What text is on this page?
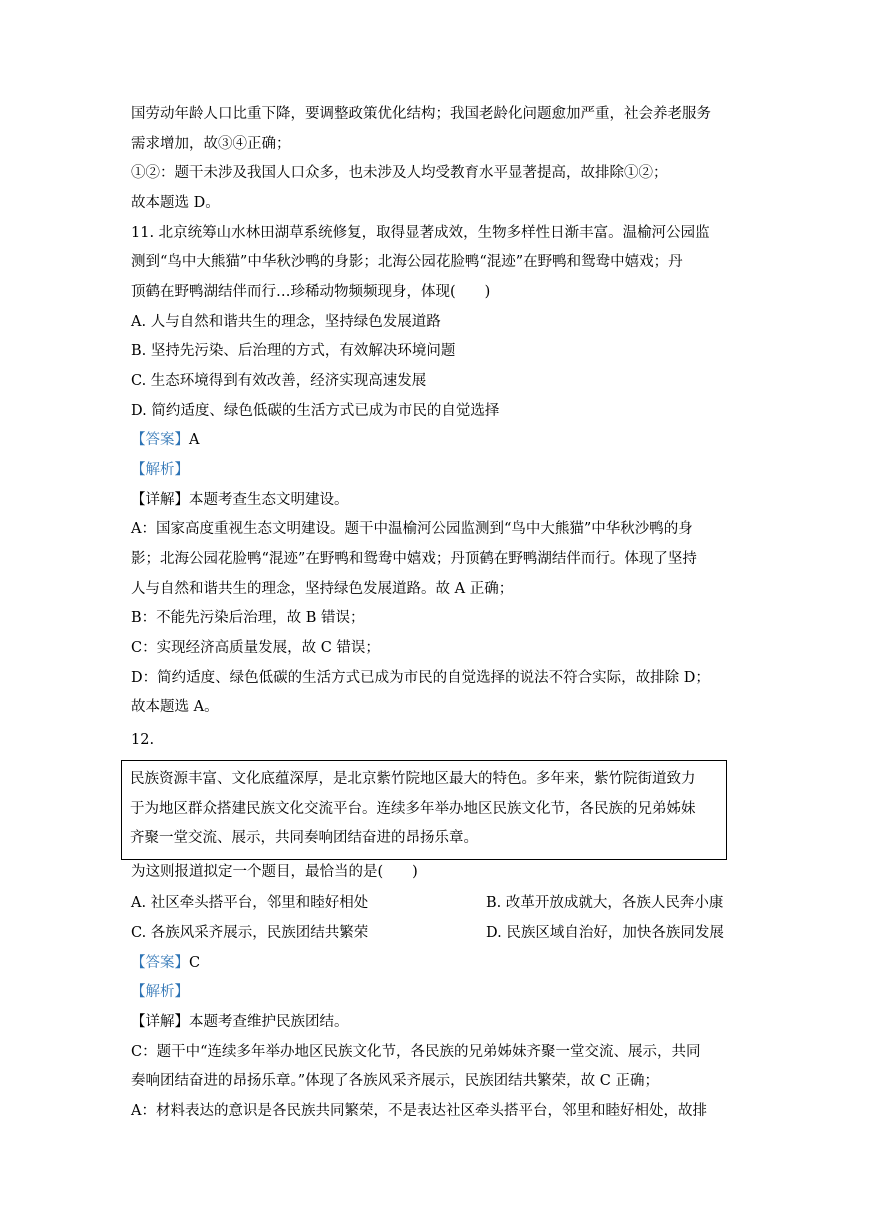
国劳动年龄人口比重下降，要调整政策优化结构；我国老龄化问题愈加严重，社会养老服务
需求增加，故③④正确；
①②：题干未涉及我国人口众多，也未涉及人均受教育水平显著提高，故排除①②；
故本题选 D。
11. 北京统筹山水林田湖草系统修复，取得显著成效，生物多样性日渐丰富。温榆河公园监
测到“鸟中大熊猫”中华秋沙鸭的身影；北海公园花脸鸭“混迹”在野鸭和鸳鸯中嬉戏；丹
顶鹤在野鸭湖结伴而行…珍稀动物频频现身，体现(　　)
A. 人与自然和谐共生的理念，坚持绿色发展道路
B. 坚持先污染、后治理的方式，有效解决环境问题
C. 生态环境得到有效改善，经济实现高速发展
D. 简约适度、绿色低碳的生活方式已成为市民的自觉选择
【答案】A
【解析】
【详解】本题考查生态文明建设。
A：国家高度重视生态文明建设。题干中温榆河公园监测到“鸟中大熊猫”中华秋沙鸭的身
影；北海公园花脸鸭“混迹”在野鸭和鸳鸯中嬉戏；丹顶鹤在野鸭湖结伴而行。体现了坚持
人与自然和谐共生的理念，坚持绿色发展道路。故 A 正确；
B：不能先污染后治理，故 B 错误；
C：实现经济高质量发展，故 C 错误；
D：简约适度、绿色低碳的生活方式已成为市民的自觉选择的说法不符合实际，故排除 D；
故本题选 A。
12.
民族资源丰富、文化底蕴深厚，是北京紫竹院地区最大的特色。多年来，紫竹院街道致力
于为地区群众搭建民族文化交流平台。连续多年举办地区民族文化节，各民族的兄弟姊妹
齐聚一堂交流、展示，共同奏响团结奋进的昂扬乐章。
为这则报道拟定一个题目，最恰当的是(　　)
A. 社区牵头搭平台，邻里和睦好相处	B. 改革开放成就大，各族人民奔小康
C. 各族风采齐展示，民族团结共繁荣	D. 民族区域自治好，加快各族同发展
【答案】C
【解析】
【详解】本题考查维护民族团结。
C：题干中“连续多年举办地区民族文化节，各民族的兄弟姊妹齐聚一堂交流、展示，共同
奏响团结奋进的昂扬乐章。”体现了各族风采齐展示，民族团结共繁荣，故 C 正确；
A：材料表达的意识是各民族共同繁荣，不是表达社区牵头搭平台，邻里和睦好相处，故排
